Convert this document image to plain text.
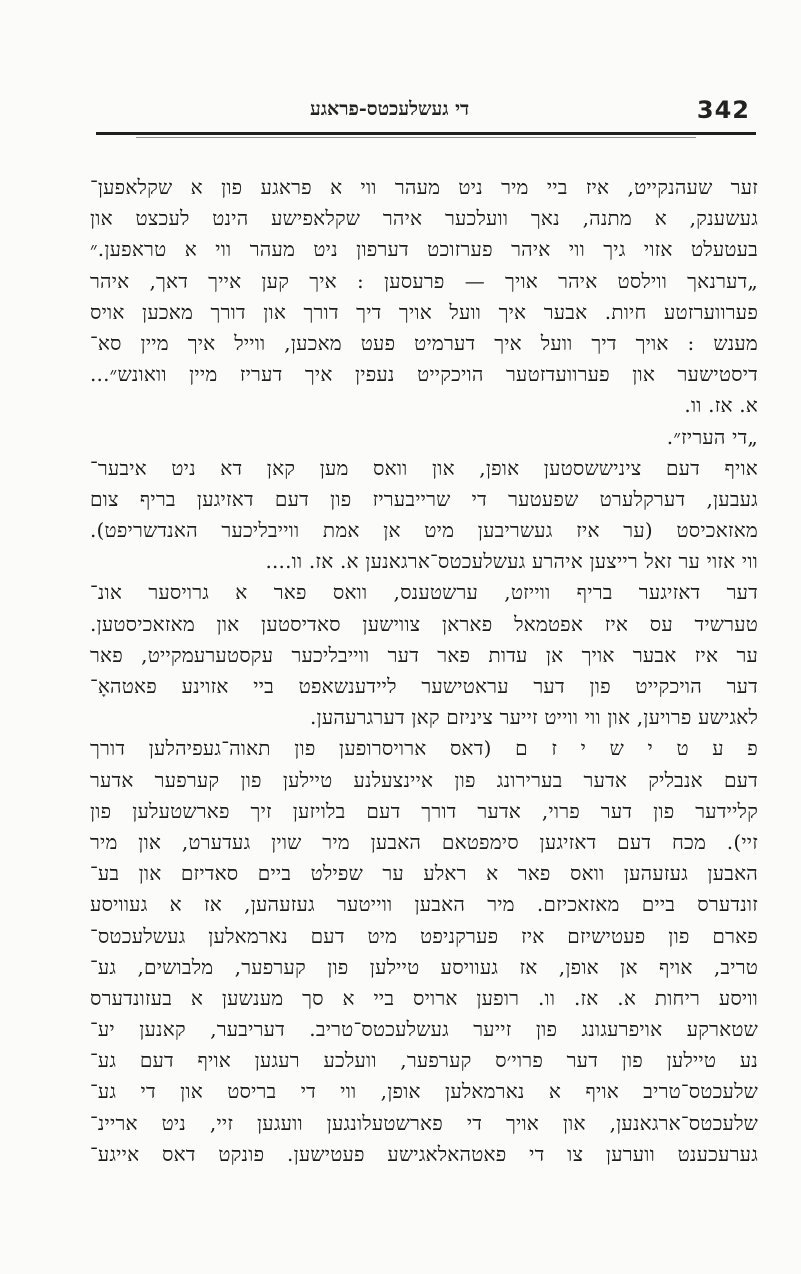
342
די געשלעכטס-פראגע
זער שעהנקייט, איז ביי מיר ניט מעהר ווי א פראגע פון א שקלאפען־
געשענק, א מתנה, נאך וועלכער איהר שקלאפישע הינט לעכצט און
בעטעלט אזוי גיך ווי איהר פערזוכט דערפון ניט מעהר ווי א טראפען.״
„דערנאך ווילסט איהר אויך — פרעסען : איך קען אייך דאך, איהר
פערווערזטע חיות. אבער איך וועל אויך דיך דורך און דורך מאכען אויס
מענש : אויך דיך וועל איך דערמיט פעט מאכען, ווייל איך מיין סא־
דיסטישער און פערוועדזטער הויכקייט נעפין איך דעריז מיין וואונש״...
א. אז. וו.
„די העריז״.
אויף דעם ציניששסטען אופן, און וואס מען קאן דא ניט איבער־
געבען, דערקלערט שפעטער די שרייבעריז פון דעם דאזיגען בריף צום
מאזאכיסט (ער איז געשריבען מיט אן אמת ווייבליכער האנדשריפט).
ווי אזוי ער זאל רייצען איהרע געשלעכטס־ארגאנען א. אז. וו....
דער דאזיגער בריף ווייזט, ערשטענס, וואס פאר א גרויסער אונ־
טערשיד עס איז אפטמאל פאראן צווישען סאדיסטען און מאזאכיסטען.
ער איז אבער אויך אן עדות פאר דער ווייבליכער עקסטערעמקייט, פאר
דער הויכקייט פון דער עראטישער ליידענשאפט ביי אזוינע פאטהאָ־
לאגישע פרויען, און ווי ווייט זייער ציניזם קאן דערגרעהען.
פ ע ט י ש י ז ם (דאס ארויסרופען פון תאוה־געפיהלען דורך
דעם אנבליק אדער בערירונג פון איינצעלנע טיילען פון קערפער אדער
קליידער פון דער פרוי, אדער דורך דעם בלויזען זיך פארשטעלען פון
זיי). מכח דעם דאזיגען סימפטאם האבען מיר שוין געדערט, און מיר
האבען געזעהען וואס פאר א ראלע ער שפילט ביים סאדיזם און בע־
זונדערס ביים מאזאכיזם. מיר האבען ווייטער געזעהען, אז א געוויסע
פארם פון פעטישיזם איז פערקניפט מיט דעם נארמאלען געשלעכטס־
טריב, אויף אן אופן, אז געוויסע טיילען פון קערפער, מלבושים, גע־
וויסע ריחות א. אז. וו. רופען ארויס ביי א סך מענשען א בעזונדערס
שטארקע אויפרעגונג פון זייער געשלעכטס־טריב. דעריבער, קאנען יע־
נע טיילען פון דער פרוי׳ס קערפער, וועלכע רעגען אויף דעם גע־
שלעכטס־טריב אויף א נארמאלען אופן, ווי די בריסט און די גע־
שלעכטס־ארגאנען, און אויך די פארשטעלונגען וועגען זיי, ניט אריינ־
גערעכענט ווערען צו די פאטהאלאגישע פעטישען. פונקט דאס אייגע־
